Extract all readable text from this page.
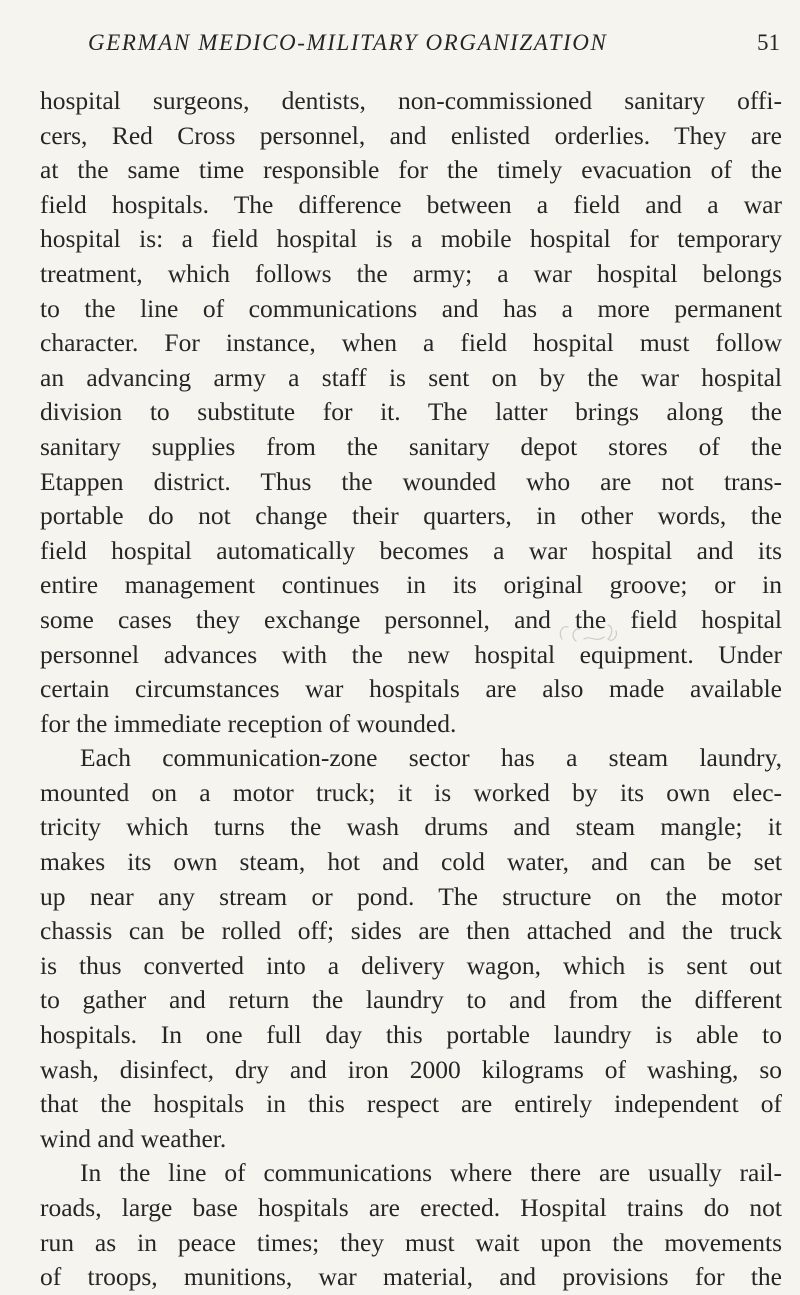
GERMAN MEDICO-MILITARY ORGANIZATION	51
hospital surgeons, dentists, non-commissioned sanitary offi-
cers, Red Cross personnel, and enlisted orderlies. They are
at the same time responsible for the timely evacuation of the
field hospitals. The difference between a field and a war
hospital is: a field hospital is a mobile hospital for temporary
treatment, which follows the army; a war hospital belongs
to the line of communications and has a more permanent
character. For instance, when a field hospital must follow
an advancing army a staff is sent on by the war hospital
division to substitute for it. The latter brings along the
sanitary supplies from the sanitary depot stores of the
Etappen district. Thus the wounded who are not trans-
portable do not change their quarters, in other words, the
field hospital automatically becomes a war hospital and its
entire management continues in its original groove; or in
some cases they exchange personnel, and the field hospital
personnel advances with the new hospital equipment. Under
certain circumstances war hospitals are also made available
for the immediate reception of wounded.
Each communication-zone sector has a steam laundry,
mounted on a motor truck; it is worked by its own elec-
tricity which turns the wash drums and steam mangle; it
makes its own steam, hot and cold water, and can be set
up near any stream or pond. The structure on the motor
chassis can be rolled off; sides are then attached and the truck
is thus converted into a delivery wagon, which is sent out
to gather and return the laundry to and from the different
hospitals. In one full day this portable laundry is able to
wash, disinfect, dry and iron 2000 kilograms of washing, so
that the hospitals in this respect are entirely independent of
wind and weather.
In the line of communications where there are usually rail-
roads, large base hospitals are erected. Hospital trains do not
run as in peace times; they must wait upon the movements
of troops, munitions, war material, and provisions for the
